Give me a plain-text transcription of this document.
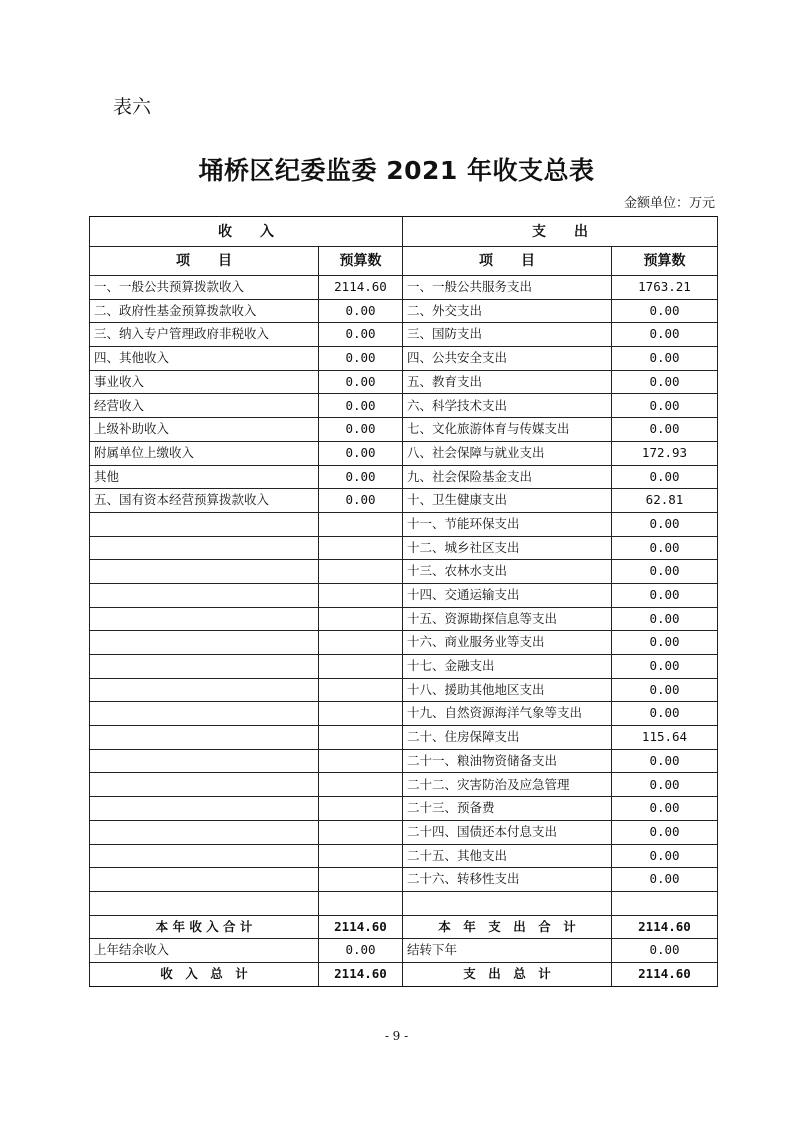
表六
埇桥区纪委监委 2021 年收支总表
金额单位：万元
收　　入		支　　出	
项　　目	预算数	项　　目	预算数
一、一般公共预算拨款收入	2114.60	一、一般公共服务支出	1763.21
二、政府性基金预算拨款收入	0.00	二、外交支出	0.00
三、纳入专户管理政府非税收入	0.00	三、国防支出	0.00
四、其他收入	0.00	四、公共安全支出	0.00
事业收入	0.00	五、教育支出	0.00
经营收入	0.00	六、科学技术支出	0.00
上级补助收入	0.00	七、文化旅游体育与传媒支出	0.00
附属单位上缴收入	0.00	八、社会保障与就业支出	172.93
其他	0.00	九、社会保险基金支出	0.00
五、国有资本经营预算拨款收入	0.00	十、卫生健康支出	62.81
		十一、节能环保支出	0.00
		十二、城乡社区支出	0.00
		十三、农林水支出	0.00
		十四、交通运输支出	0.00
		十五、资源勘探信息等支出	0.00
		十六、商业服务业等支出	0.00
		十七、金融支出	0.00
		十八、援助其他地区支出	0.00
		十九、自然资源海洋气象等支出	0.00
		二十、住房保障支出	115.64
		二十一、粮油物资储备支出	0.00
		二十二、灾害防治及应急管理	0.00
		二十三、预备费	0.00
		二十四、国债还本付息支出	0.00
		二十五、其他支出	0.00
		二十六、转移性支出	0.00

本 年 收 入 合 计	2114.60	本　年　支　出　合　计	2114.60
上年结余收入	0.00	结转下年	0.00
收　入　总　计	2114.60	支　出　总　计	2114.60
- 9 -
